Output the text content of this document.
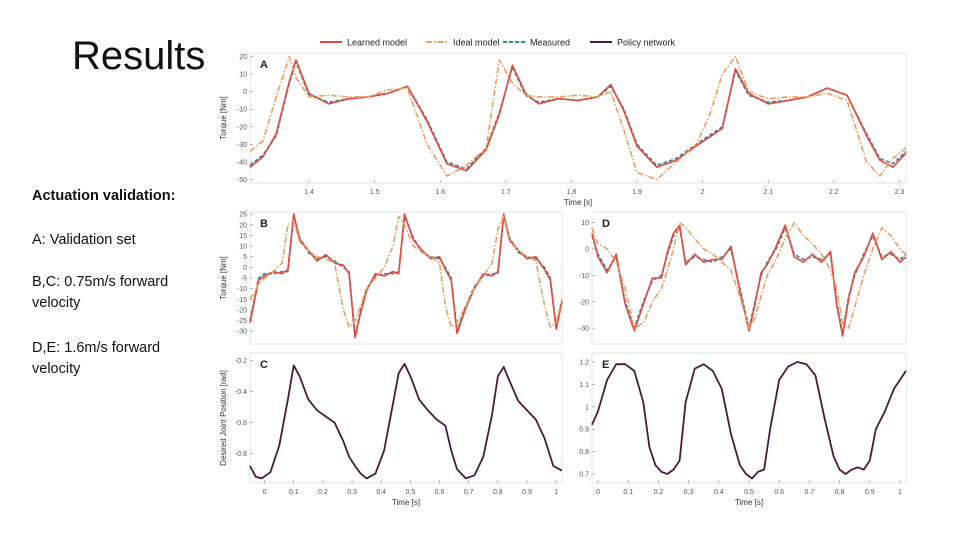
Results
Actuation validation:
A: Validation set
B,C: 0.75m/s forward velocity
D,E: 1.6m/s forward velocity
Learned model	Ideal model	Measured	Policy network
20
10
0
-10
-20
-30
-40
-50
1.4	1.5	1.6	1.7	1.8	1.9	2	2.1	2.2	2.3
A
Time [s]
Torque [Nm]
25
20
15
10
5
0
-5
-10
-15
-20
-25
-30
B
Torque [Nm]
10
0
-10
-20
-30
D
-0.2
-0.4
-0.6
-0.8
0	0.1	0.2	0.3	0.4	0.5	0.6	0.7	0.8	0.9	1
C
Time [s]
Desired Joint Position [rad]
1.2
1.1
1
0.9
0.8
0.7
0	0.1	0.2	0.3	0.4	0.5	0.6	0.7	0.8	0.9	1
E
Time [s]
